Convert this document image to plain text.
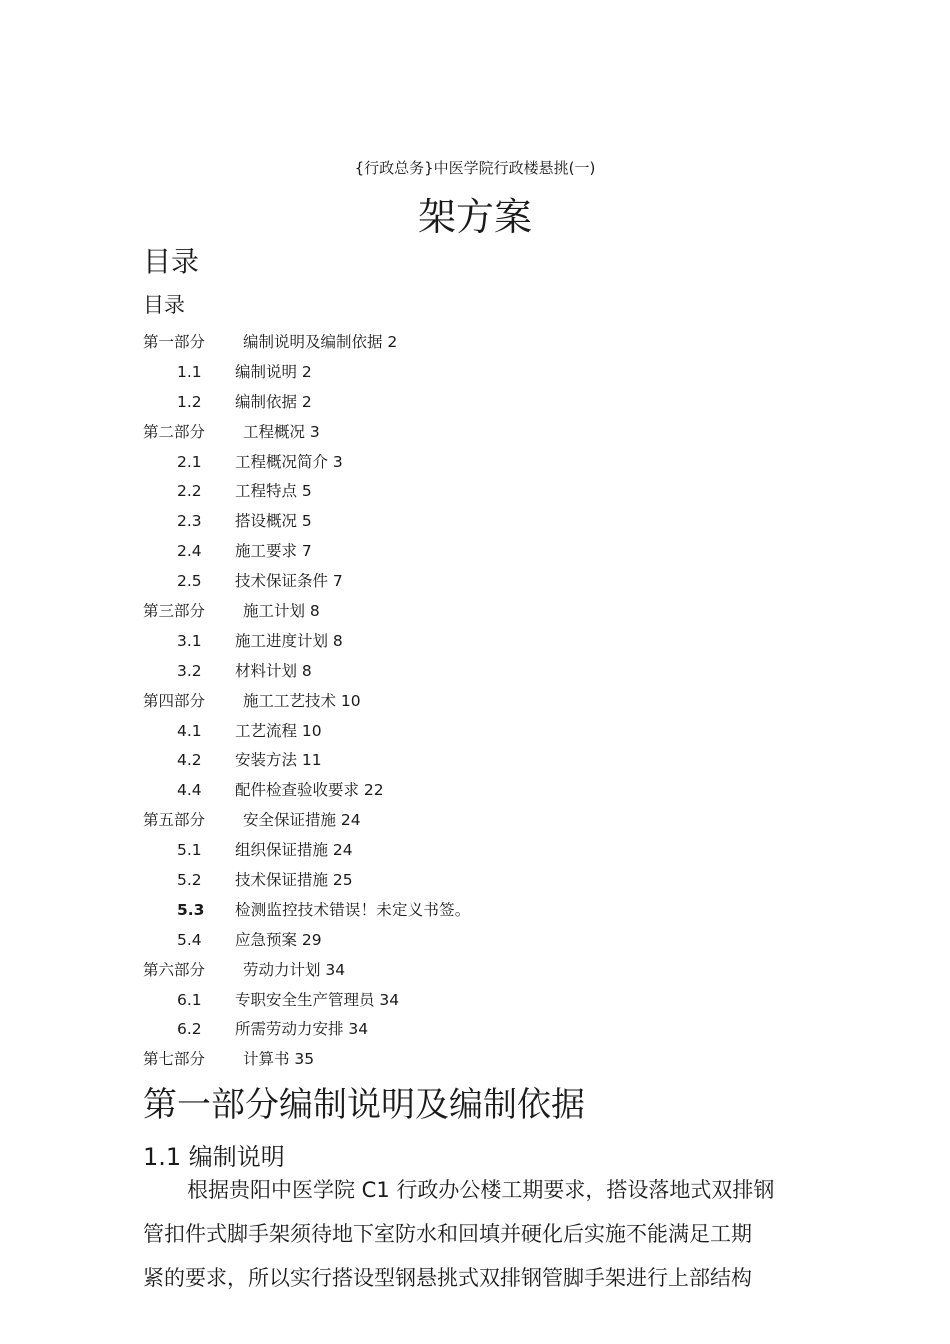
{行政总务}中医学院行政楼悬挑(一)
架方案
目录
目录
第一部分 编制说明及编制依据 2
1.1 编制说明 2
1.2 编制依据 2
第二部分 工程概况 3
2.1 工程概况简介 3
2.2 工程特点 5
2.3 搭设概况 5
2.4 施工要求 7
2.5 技术保证条件 7
第三部分 施工计划 8
3.1 施工进度计划 8
3.2 材料计划 8
第四部分 施工工艺技术 10
4.1 工艺流程 10
4.2 安装方法 11
4.4 配件检查验收要求 22
第五部分 安全保证措施 24
5.1 组织保证措施 24
5.2 技术保证措施 25
5.3 检测监控技术错误！未定义书签。
5.4 应急预案 29
第六部分 劳动力计划 34
6.1 专职安全生产管理员 34
6.2 所需劳动力安排 34
第七部分 计算书 35
第一部分编制说明及编制依据
1.1 编制说明
根据贵阳中医学院 C1 行政办公楼工期要求，搭设落地式双排钢
管扣件式脚手架须待地下室防水和回填并硬化后实施不能满足工期
紧的要求，所以实行搭设型钢悬挑式双排钢管脚手架进行上部结构
